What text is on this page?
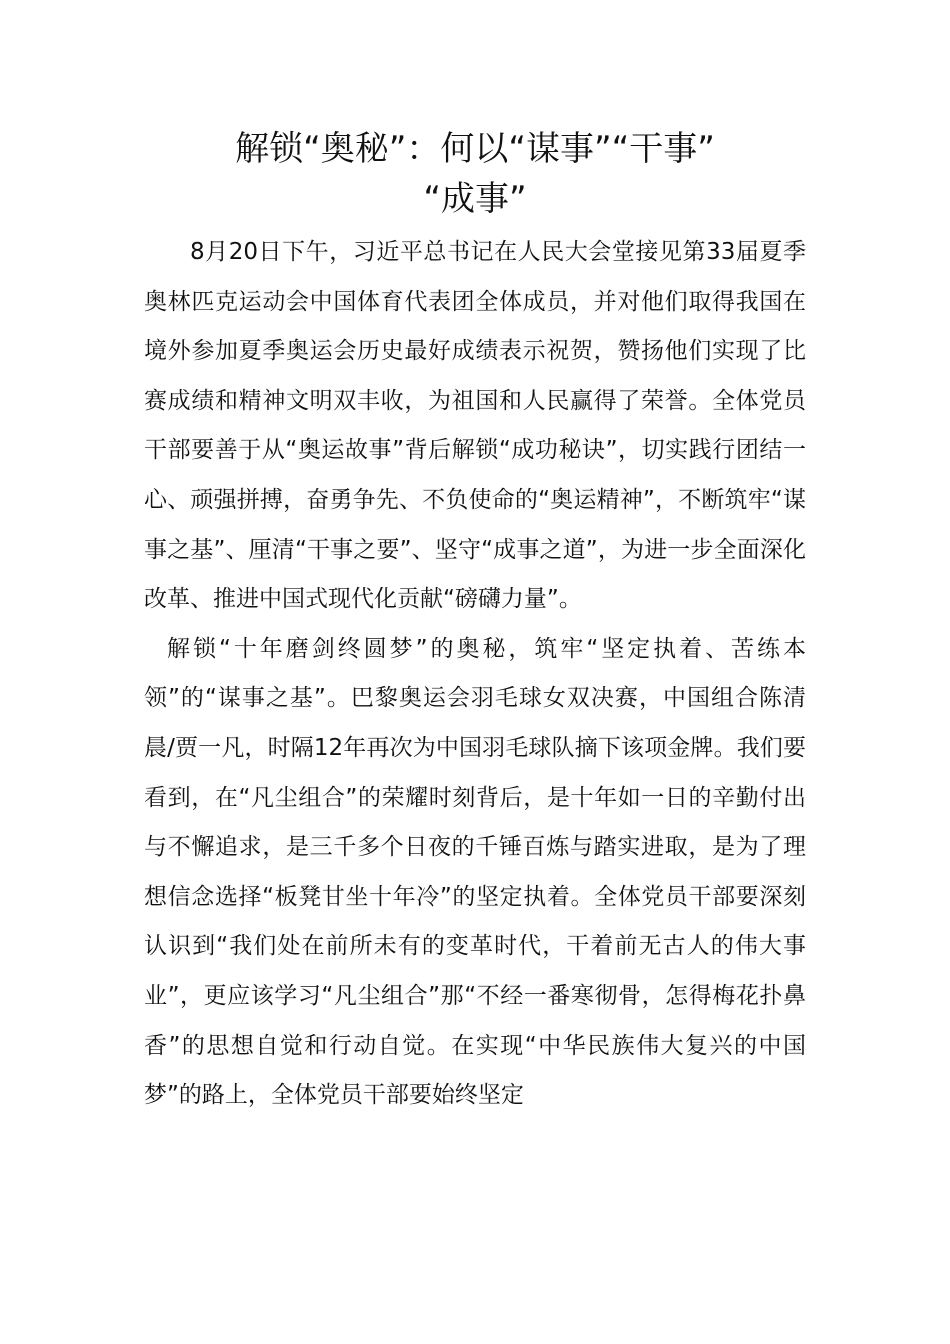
解锁“奥秘”：何以“谋事”“干事”
“成事”

8月20日下午，习近平总书记在人民大会堂接见第33届夏季奥林匹克运动会中国体育代表团全体成员，并对他们取得我国在境外参加夏季奥运会历史最好成绩表示祝贺，赞扬他们实现了比赛成绩和精神文明双丰收，为祖国和人民赢得了荣誉。全体党员干部要善于从“奥运故事”背后解锁“成功秘诀”，切实践行团结一心、顽强拼搏，奋勇争先、不负使命的“奥运精神”，不断筑牢“谋事之基”、厘清“干事之要”、坚守“成事之道”，为进一步全面深化改革、推进中国式现代化贡献“磅礴力量”。

解锁“十年磨剑终圆梦”的奥秘，筑牢“坚定执着、苦练本领”的“谋事之基”。巴黎奥运会羽毛球女双决赛，中国组合陈清晨/贾一凡，时隔12年再次为中国羽毛球队摘下该项金牌。我们要看到，在“凡尘组合”的荣耀时刻背后，是十年如一日的辛勤付出与不懈追求，是三千多个日夜的千锤百炼与踏实进取，是为了理想信念选择“板凳甘坐十年冷”的坚定执着。全体党员干部要深刻认识到“我们处在前所未有的变革时代，干着前无古人的伟大事业”，更应该学习“凡尘组合”那“不经一番寒彻骨，怎得梅花扑鼻香”的思想自觉和行动自觉。在实现“中华民族伟大复兴的中国梦”的路上，全体党员干部要始终坚定
